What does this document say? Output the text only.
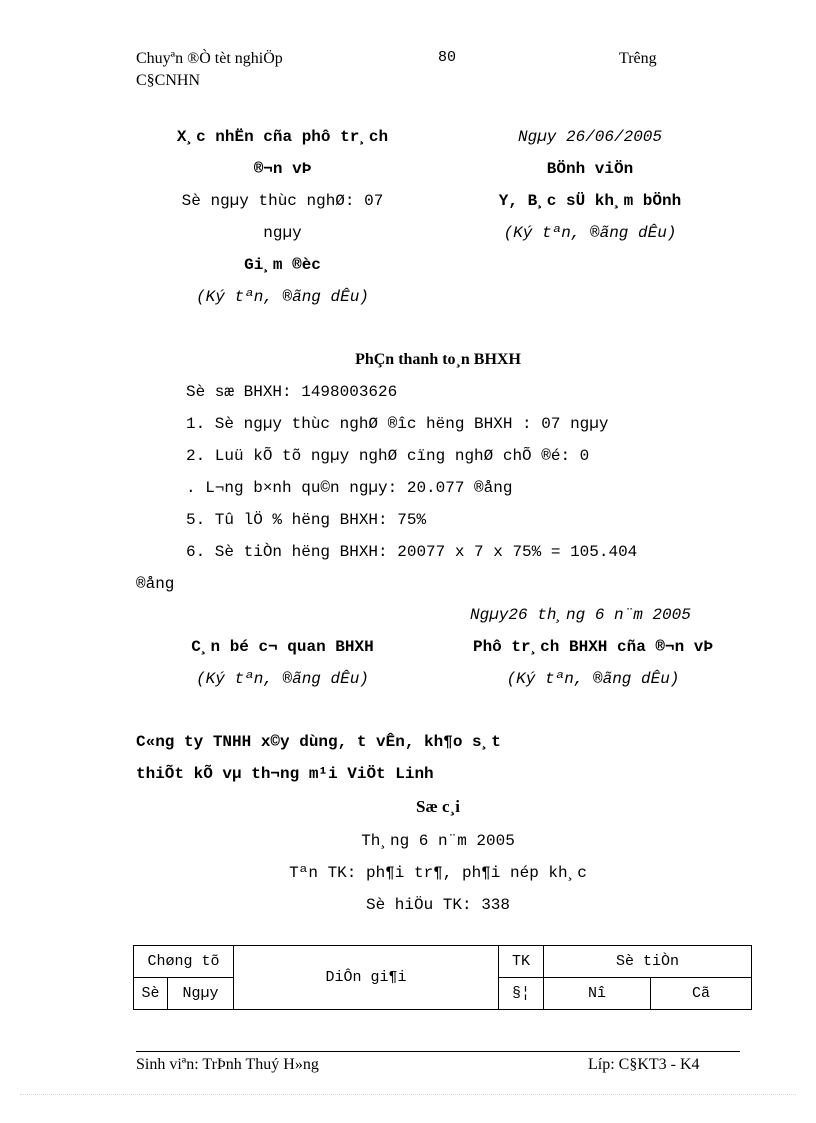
Chuyªn ®Ò tèt nghiÖp
C§CNHN
80	Trêng
X¸c nhËn cña phô tr¸ch
®¬n vÞ
Sè ngµy thùc nghØ: 07
ngµy
Gi¸m ®èc
(Ký tªn, ®ãng dÊu)
Ngµy 26/06/2005
BÖnh viÖn
Y, B¸c sÜ kh¸m bÖnh
(Ký tªn, ®ãng dÊu)
PhÇn thanh to¸n BHXH
Sè sæ BHXH: 1498003626
1. Sè ngµy thùc nghØ ®îc hëng BHXH : 07 ngµy
2. Luü kÕ tõ ngµy nghØ cïng nghØ chÕ ®é: 0
. L¬ng b×nh qu©n ngµy: 20.077 ®ång
5. Tû lÖ % hëng BHXH: 75%
6. Sè tiÒn hëng BHXH: 20077 x 7 x 75% = 105.404
®ång
Ngµy26 th¸ng 6 n¨m 2005
C¸n bé c¬ quan BHXH
(Ký tªn, ®ãng dÊu)
Phô tr¸ch BHXH cña ®¬n vÞ
(Ký tªn, ®ãng dÊu)
C«ng ty TNHH x©y dùng, t vÊn, kh¶o s¸t
thiÕt kÕ vµ th¬ng m¹i ViÖt Linh
Sæ c¸i
Th¸ng 6 n¨m 2005
Tªn TK: ph¶i tr¶, ph¶i nép kh¸c
Sè hiÖu TK: 338
Chøng tõ		DiÔn gi¶i	TK	Sè tiÒn	
Sè	Ngµy		§¦	Nî	Cã
Sinh viªn: TrÞnh Thuý H»ng	Líp: C§KT3 - K4
